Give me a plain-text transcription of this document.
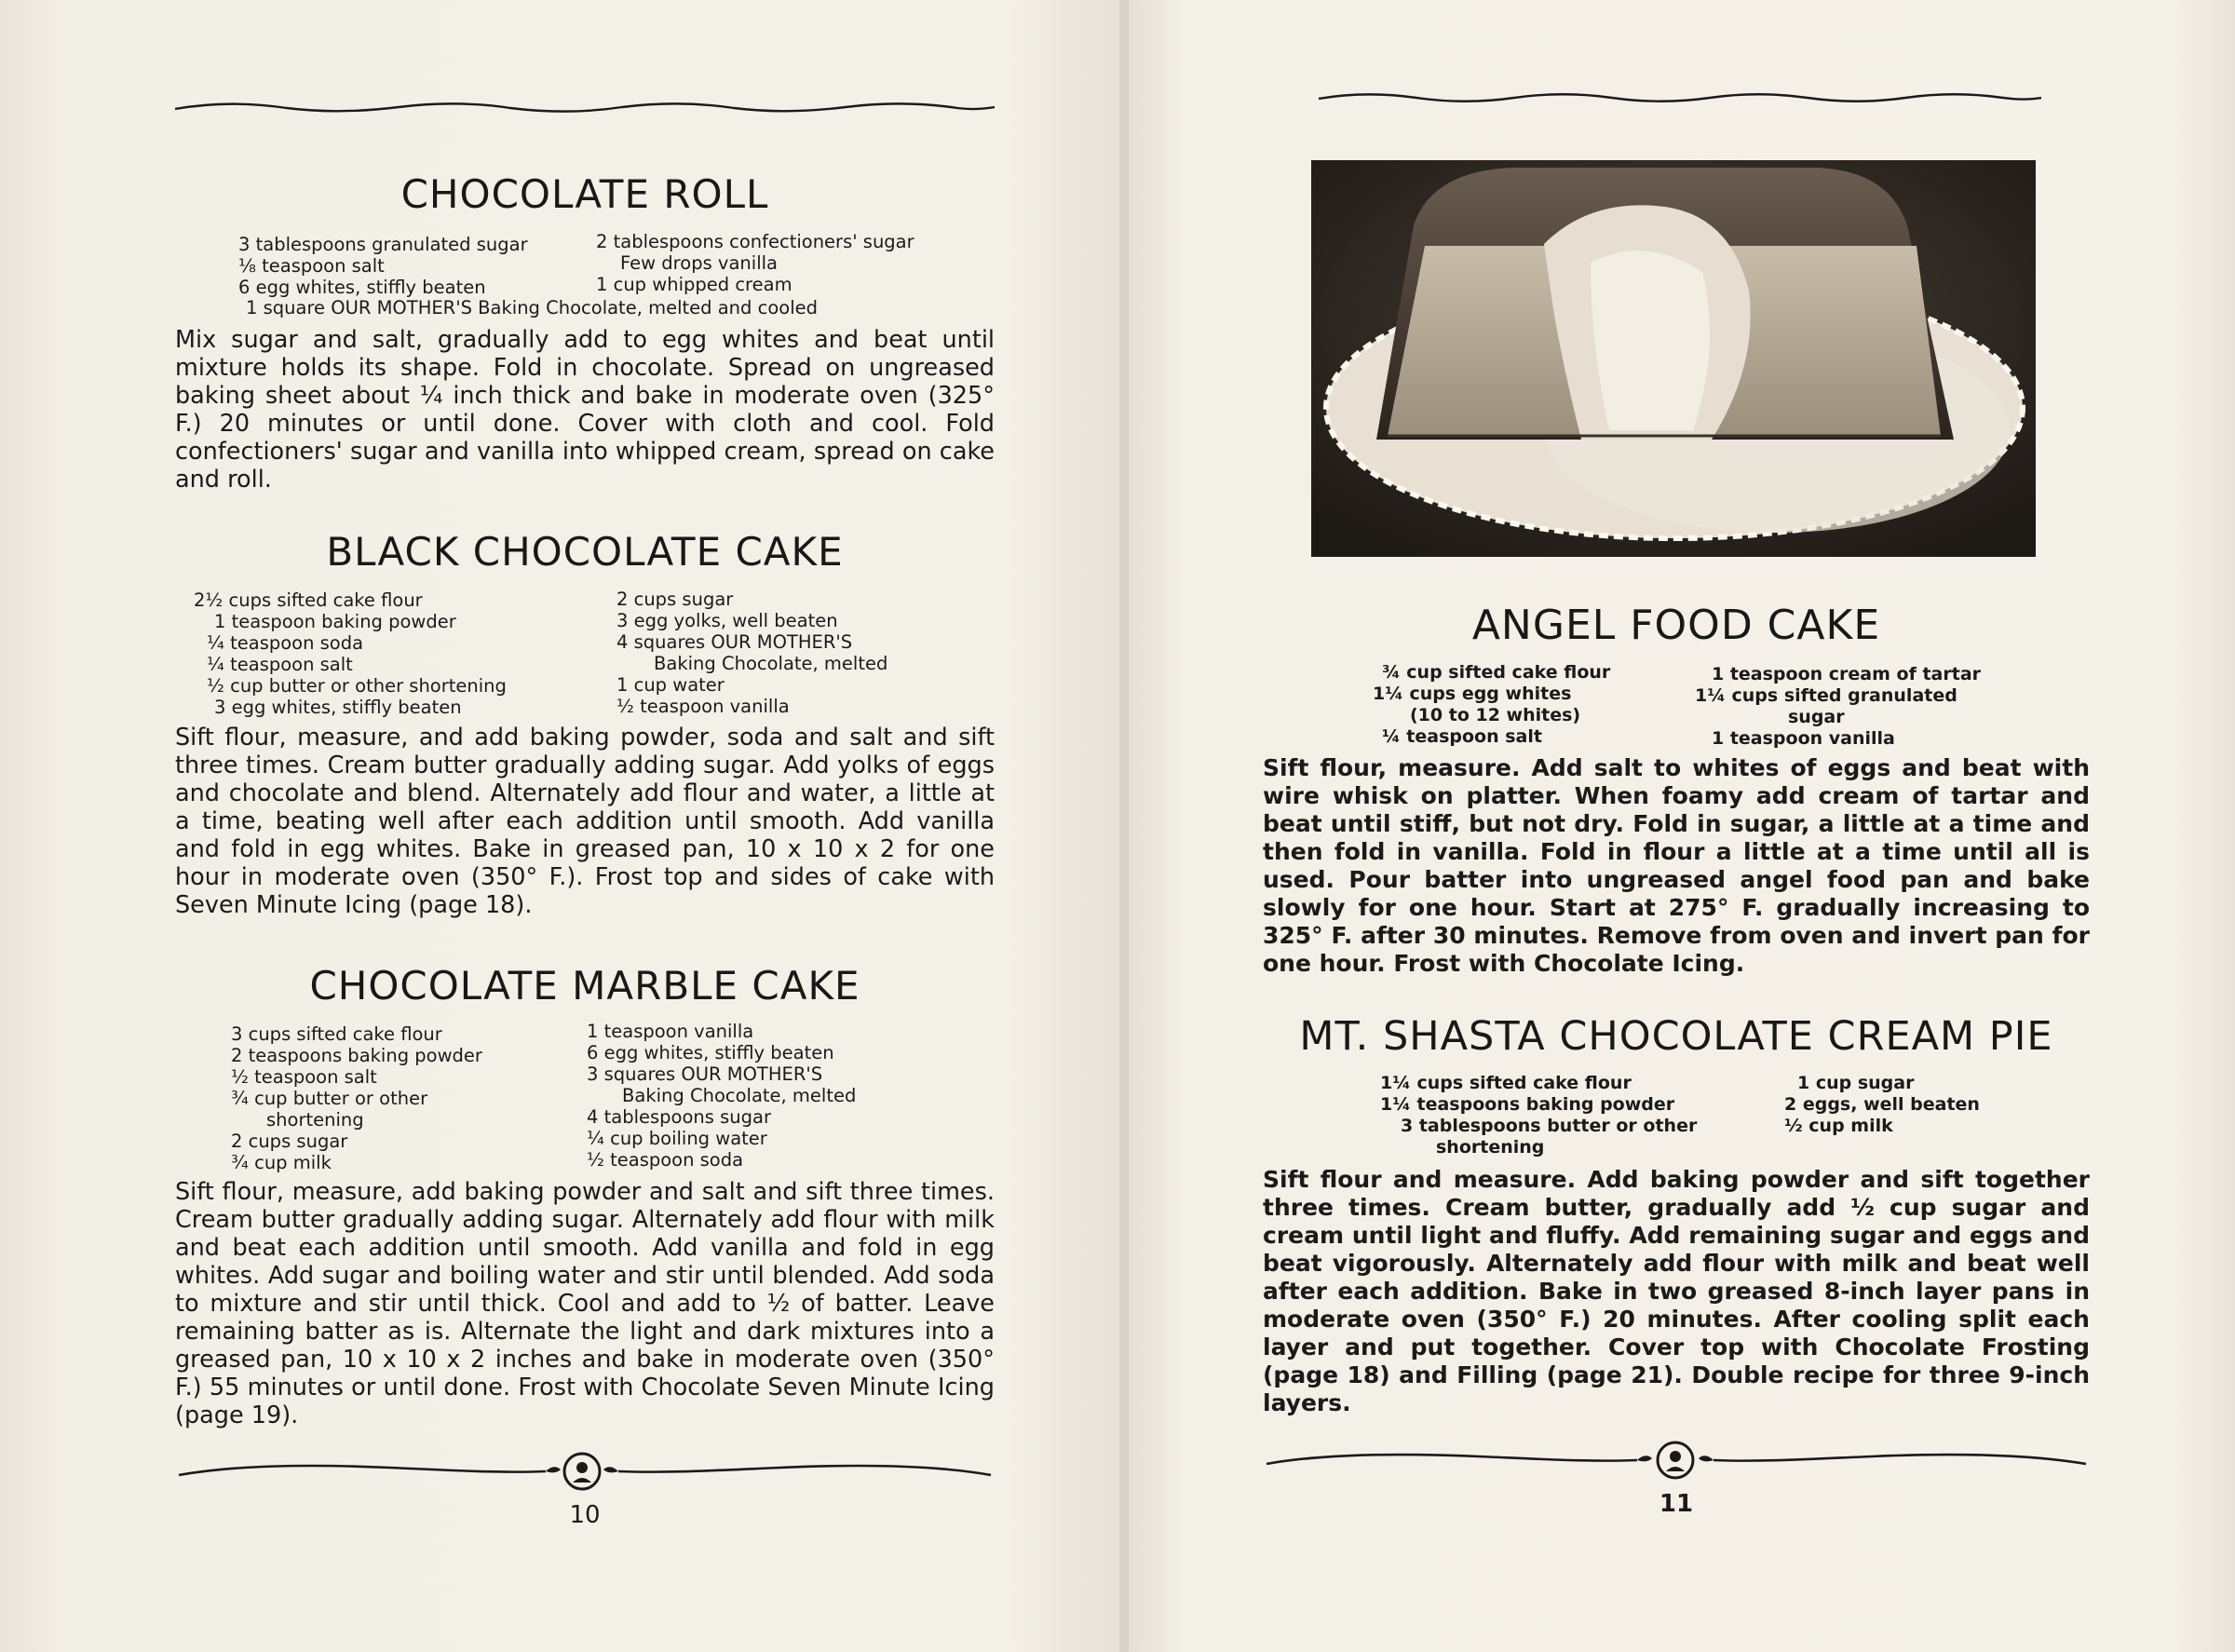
CHOCOLATE ROLL
3 tablespoons granulated sugar
⅛ teaspoon salt
6 egg whites, stiffly beaten
2 tablespoons confectioners' sugar
Few drops vanilla
1 cup whipped cream
1 square OUR MOTHER'S Baking Chocolate, melted and cooled
Mix sugar and salt, gradually add to egg whites and beat until mixture holds its shape. Fold in chocolate. Spread on ungreased baking sheet about ¼ inch thick and bake in moderate oven (325° F.) 20 minutes or until done. Cover with cloth and cool. Fold confectioners' sugar and vanilla into whipped cream, spread on cake and roll.
BLACK CHOCOLATE CAKE
2½ cups sifted cake flour
1 teaspoon baking powder
¼ teaspoon soda
¼ teaspoon salt
½ cup butter or other shortening
3 egg whites, stiffly beaten
2 cups sugar
3 egg yolks, well beaten
4 squares OUR MOTHER'S
Baking Chocolate, melted
1 cup water
½ teaspoon vanilla
Sift flour, measure, and add baking powder, soda and salt and sift three times. Cream butter gradually adding sugar. Add yolks of eggs and chocolate and blend. Alternately add flour and water, a little at a time, beating well after each addition until smooth. Add vanilla and fold in egg whites. Bake in greased pan, 10 x 10 x 2 for one hour in moderate oven (350° F.). Frost top and sides of cake with Seven Minute Icing (page 18).
CHOCOLATE MARBLE CAKE
3 cups sifted cake flour
2 teaspoons baking powder
½ teaspoon salt
¾ cup butter or other
shortening
2 cups sugar
¾ cup milk
1 teaspoon vanilla
6 egg whites, stiffly beaten
3 squares OUR MOTHER'S
Baking Chocolate, melted
4 tablespoons sugar
¼ cup boiling water
½ teaspoon soda
Sift flour, measure, add baking powder and salt and sift three times. Cream butter gradually adding sugar. Alternately add flour with milk and beat each addition until smooth. Add vanilla and fold in egg whites. Add sugar and boiling water and stir until blended. Add soda to mixture and stir until thick. Cool and add to ½ of batter. Leave remaining batter as is. Alternate the light and dark mixtures into a greased pan, 10 x 10 x 2 inches and bake in moderate oven (350° F.) 55 minutes or until done. Frost with Chocolate Seven Minute Icing (page 19).
10
ANGEL FOOD CAKE
¾ cup sifted cake flour
1¼ cups egg whites
(10 to 12 whites)
¼ teaspoon salt
1 teaspoon cream of tartar
1¼ cups sifted granulated
sugar
1 teaspoon vanilla
Sift flour, measure. Add salt to whites of eggs and beat with wire whisk on platter. When foamy add cream of tartar and beat until stiff, but not dry. Fold in sugar, a little at a time and then fold in vanilla. Fold in flour a little at a time until all is used. Pour batter into ungreased angel food pan and bake slowly for one hour. Start at 275° F. gradually increasing to 325° F. after 30 minutes. Remove from oven and invert pan for one hour. Frost with Chocolate Icing.
MT. SHASTA CHOCOLATE CREAM PIE
1¼ cups sifted cake flour
1¼ teaspoons baking powder
3 tablespoons butter or other
shortening
1 cup sugar
2 eggs, well beaten
½ cup milk
Sift flour and measure. Add baking powder and sift together three times. Cream butter, gradually add ½ cup sugar and cream until light and fluffy. Add remaining sugar and eggs and beat vigorously. Alternately add flour with milk and beat well after each addition. Bake in two greased 8-inch layer pans in moderate oven (350° F.) 20 minutes. After cooling split each layer and put together. Cover top with Chocolate Frosting (page 18) and Filling (page 21). Double recipe for three 9-inch layers.
11
